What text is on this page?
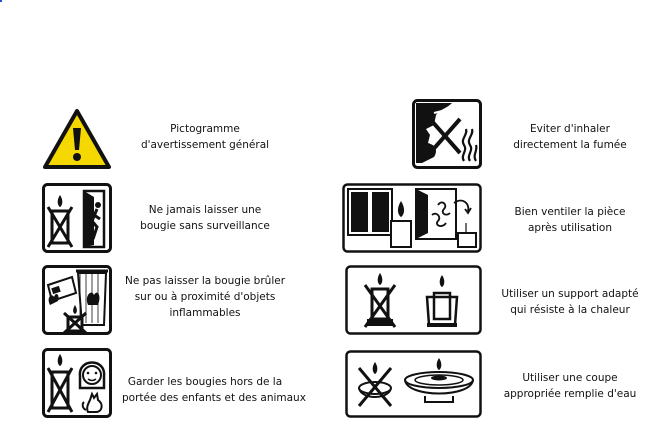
Pictogramme
d'avertissement général
Ne jamais laisser une
bougie sans surveillance
Ne pas laisser la bougie brûler
sur ou à proximité d'objets
inflammables
Garder les bougies hors de la
portée des enfants et des animaux
Eviter d'inhaler
directement la fumée
Bien ventiler la pièce
après utilisation
Utiliser un support adapté
qui résiste à la chaleur
Utiliser une coupe
appropriée remplie d'eau
